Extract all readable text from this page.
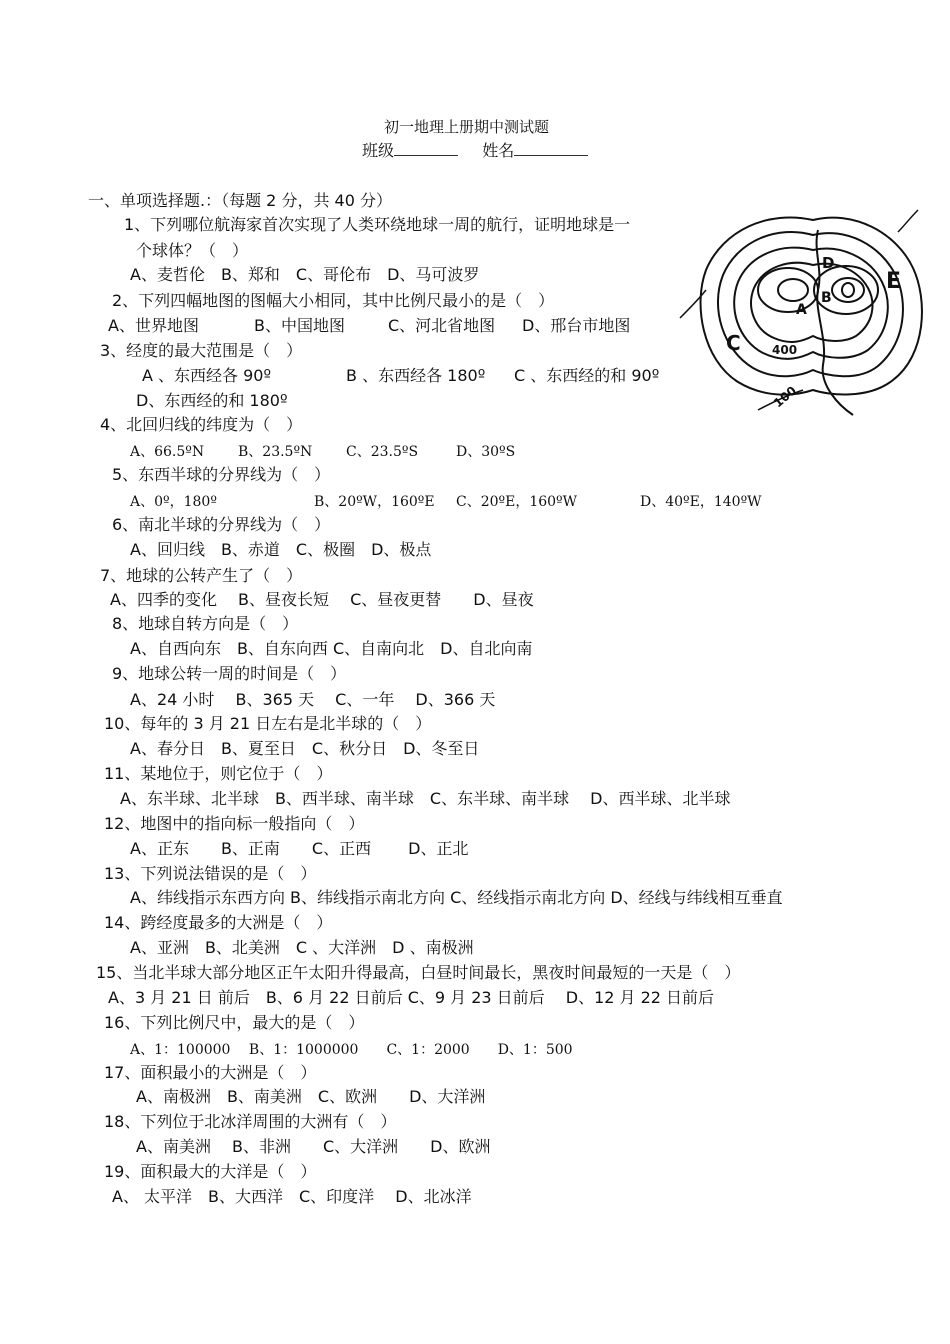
初一地理上册期中测试题
班级	姓名
一、单项选择题.：（每题 2 分，共 40 分）
1、下列哪位航海家首次实现了人类环绕地球一周的航行，证明地球是一
个球体？（　）
A、麦哲伦　B、郑和　C、哥伦布　D、马可波罗
2、下列四幅地图的图幅大小相同，其中比例尺最小的是（　）
A、世界地图	B、中国地图	C、河北省地图 D、邢台市地图
3、经度的最大范围是（　）
A 、东西经各 90º	B 、东西经各 180º C 、东西经的和 90º
D、东西经的和 180º
4、北回归线的纬度为（　）
A、66.5ºN B、23.5ºN C、23.5ºS	D、30ºS
5、东西半球的分界线为（　）
A、0º，180º	B、20ºW，160ºE C、20ºE，160ºW	D、40ºE，140ºW
6、南北半球的分界线为（　）
A、回归线　B、赤道　C、极圈　D、极点
7、地球的公转产生了（　）
A、四季的变化　 B、昼夜长短　 C、昼夜更替　　D、昼夜
8、地球自转方向是（　）
A、自西向东　B、自东向西 C、自南向北　D、自北向南
9、地球公转一周的时间是（　）
A、24 小时　 B、365 天　 C、一年　 D、366 天
10、每年的 3 月 21 日左右是北半球的（　）
A、春分日　B、夏至日　C、秋分日　D、冬至日
11、某地位于，则它位于（　）
A、东半球、北半球　B、西半球、南半球　C、东半球、南半球　 D、西半球、北半球
12、地图中的指向标一般指向（　）
A、正东　　B、正南　　C、正西　　 D、正北
13、下列说法错误的是（　）
A、纬线指示东西方向 B、纬线指示南北方向 C、经线指示南北方向 D、经线与纬线相互垂直
14、跨经度最多的大洲是（　）
A、亚洲　B、北美洲　C 、大洋洲　D 、南极洲
15、当北半球大部分地区正午太阳升得最高，白昼时间最长，黑夜时间最短的一天是（　）
A、3 月 21 日 前后　B、6 月 22 日前后 C、9 月 23 日前后　 D、12 月 22 日前后
16、下列比例尺中，最大的是（　）
A、1：100000　 B、1：1000000　　C、1：2000　　D、1：500
17、面积最小的大洲是（　）
A、南极洲　B、南美洲　C、欧洲　　D、大洋洲
18、下列位于北冰洋周围的大洲有（　）
A、南美洲　 B、非洲　　C、大洋洲　　D、欧洲
19、面积最大的大洋是（　）
A、 太平洋　B、大西洋　C、印度洋　 D、北冰洋
A
B
C
D
E
400
100
